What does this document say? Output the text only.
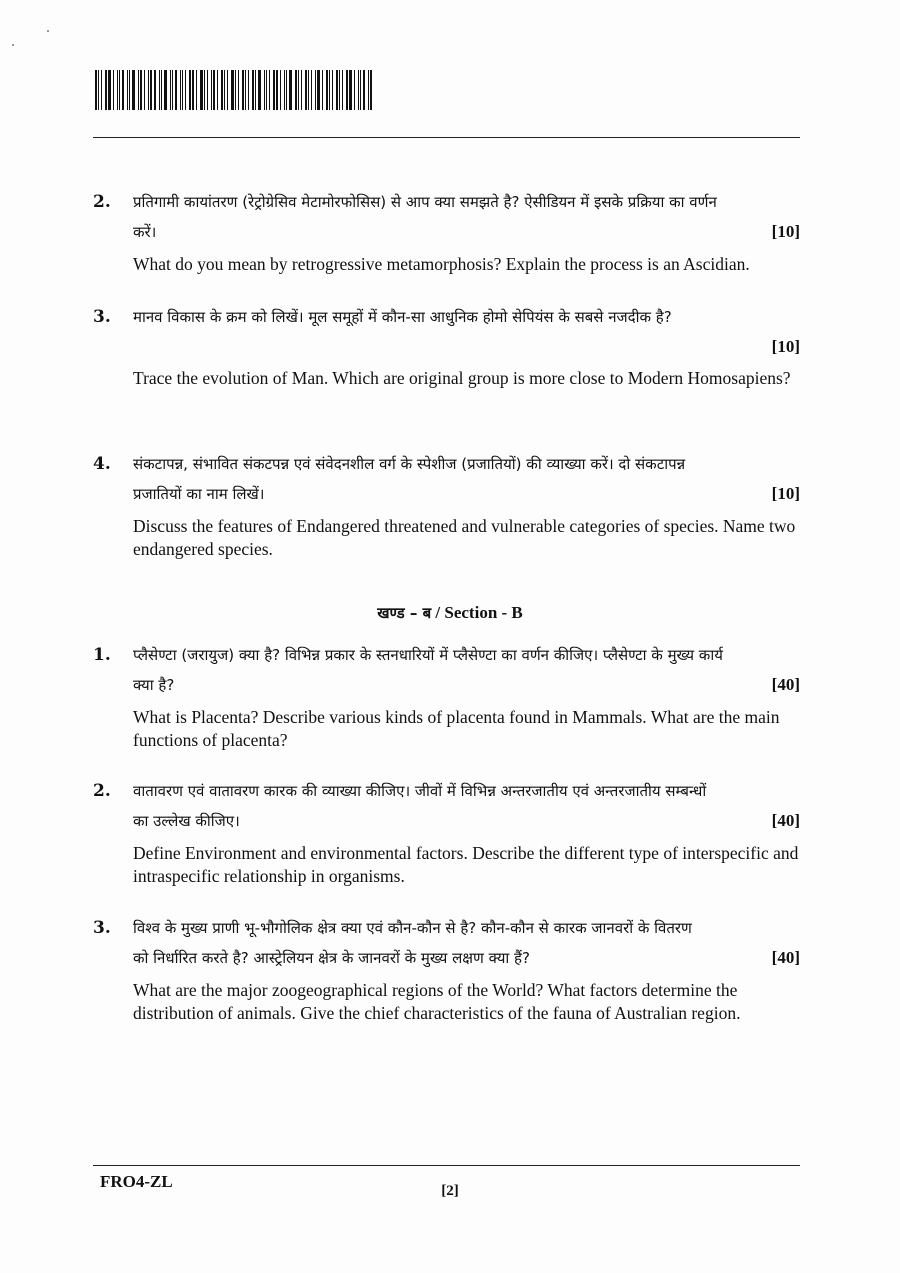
2. प्रतिगामी कायांतरण (रेट्रोग्रेसिव मेटामोरफोसिस) से आप क्या समझते है? ऐसीडियन में इसके प्रक्रिया का वर्णन
करें।	[10]
What do you mean by retrogressive metamorphosis? Explain the process is an Ascidian.
3. मानव विकास के क्रम को लिखें। मूल समूहों में कौन-सा आधुनिक होमो सेपियंस के सबसे नजदीक है?
[10]
Trace the evolution of Man. Which are original group is more close to Modern Homosapiens?
4. संकटापन्न, संभावित संकटपन्न एवं संवेदनशील वर्ग के स्पेशीज (प्रजातियों) की व्याख्या करें। दो संकटापन्न
प्रजातियों का नाम लिखें।	[10]
Discuss the features of Endangered threatened and vulnerable categories of species. Name two endangered species.
खण्ड – ब / Section - B
1. प्लैसेण्टा (जरायुज) क्या है? विभिन्न प्रकार के स्तनधारियों में प्लैसेण्टा का वर्णन कीजिए। प्लैसेण्टा के मुख्य कार्य
क्या है?	[40]
What is Placenta? Describe various kinds of placenta found in Mammals. What are the main functions of placenta?
2. वातावरण एवं वातावरण कारक की व्याख्या कीजिए। जीवों में विभिन्न अन्तरजातीय एवं अन्तरजातीय सम्बन्धों
का उल्लेख कीजिए।	[40]
Define Environment and environmental factors. Describe the different type of interspecific and intraspecific relationship in organisms.
3. विश्व के मुख्य प्राणी भू-भौगोलिक क्षेत्र क्या एवं कौन-कौन से है? कौन-कौन से कारक जानवरों के वितरण
को निर्धारित करते है? आस्ट्रेलियन क्षेत्र के जानवरों के मुख्य लक्षण क्या हैं?	[40]
What are the major zoogeographical regions of the World? What factors determine the distribution of animals. Give the chief characteristics of the fauna of Australian region.
FRO4-ZL	[2]
